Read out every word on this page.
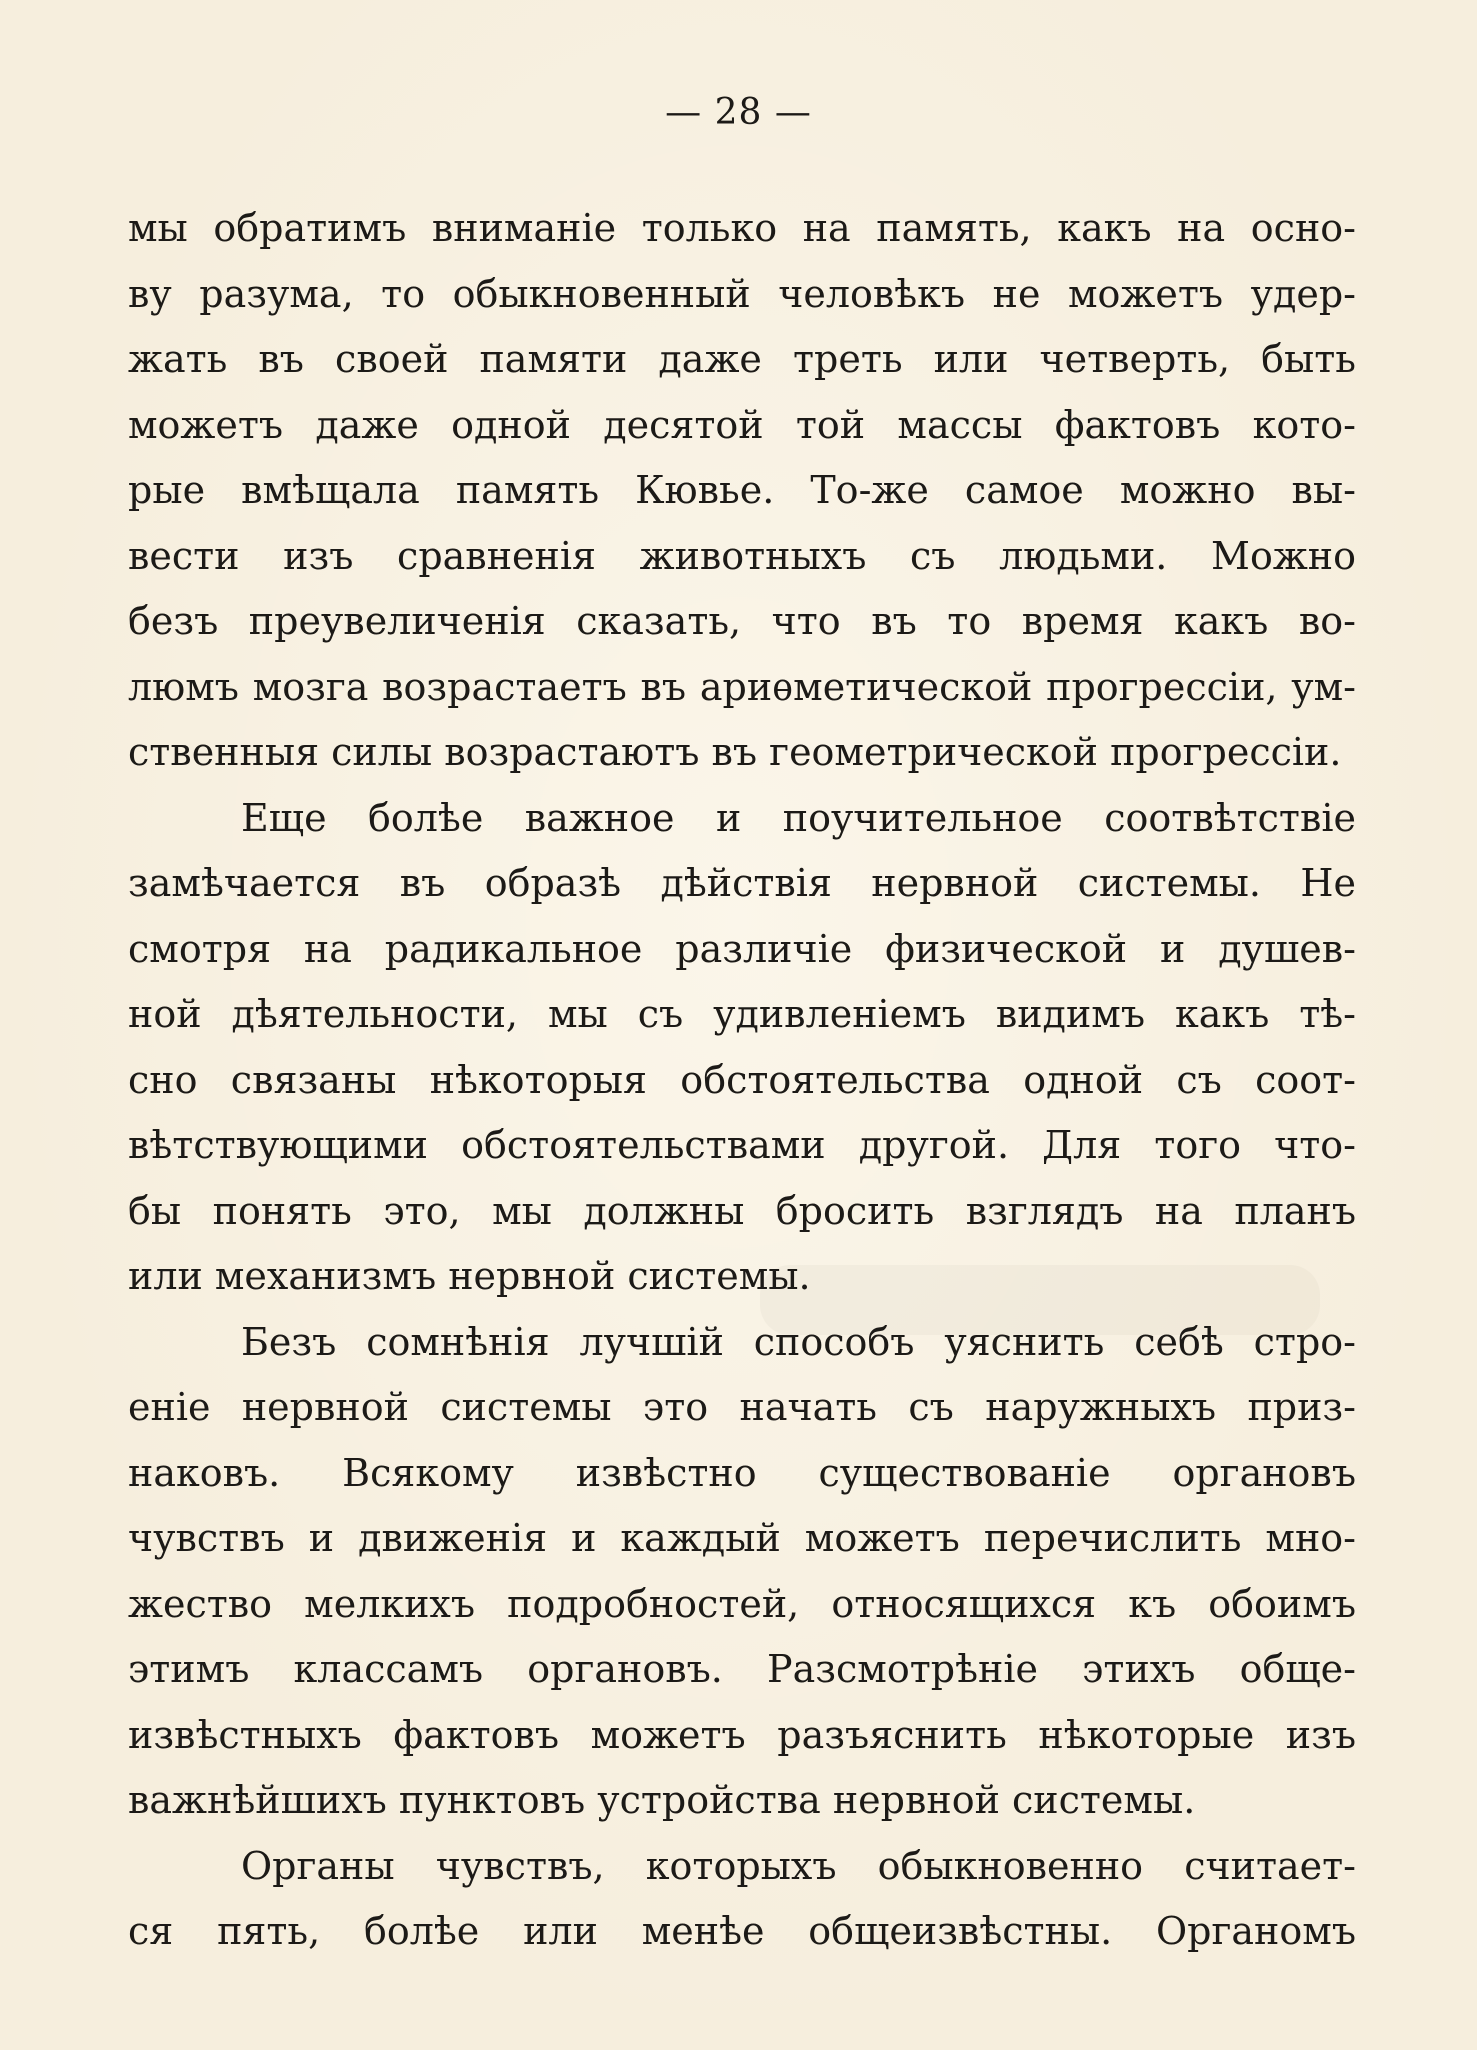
— 28 —
мы обратимъ вниманіе только на память, какъ на осно-
ву разума, то обыкновенный человѣкъ не можетъ удер-
жать въ своей памяти даже треть или четверть, быть
можетъ даже одной десятой той массы фактовъ кото-
рые вмѣщала память Кювье. То-же самое можно вы-
вести изъ сравненія животныхъ съ людьми. Можно
безъ преувеличенія сказать, что въ то время какъ во-
люмъ мозга возрастаетъ въ ариѳметической прогрессіи, ум-
ственныя силы возрастаютъ въ геометрической прогрессіи.
Еще болѣе важное и поучительное соотвѣтствіе
замѣчается въ образѣ дѣйствія нервной системы. Не
смотря на радикальное различіе физической и душев-
ной дѣятельности, мы съ удивленіемъ видимъ какъ тѣ-
сно связаны нѣкоторыя обстоятельства одной съ соот-
вѣтствующими обстоятельствами другой. Для того что-
бы понять это, мы должны бросить взглядъ на планъ
или механизмъ нервной системы.
Безъ сомнѣнія лучшій способъ уяснить себѣ стро-
еніе нервной системы это начать съ наружныхъ приз-
наковъ. Всякому извѣстно существованіе органовъ
чувствъ и движенія и каждый можетъ перечислить мно-
жество мелкихъ подробностей, относящихся къ обоимъ
этимъ классамъ органовъ. Разсмотрѣніе этихъ обще-
извѣстныхъ фактовъ можетъ разъяснить нѣкоторые изъ
важнѣйшихъ пунктовъ устройства нервной системы.
Органы чувствъ, которыхъ обыкновенно считает-
ся пять, болѣе или менѣе общеизвѣстны. Органомъ
